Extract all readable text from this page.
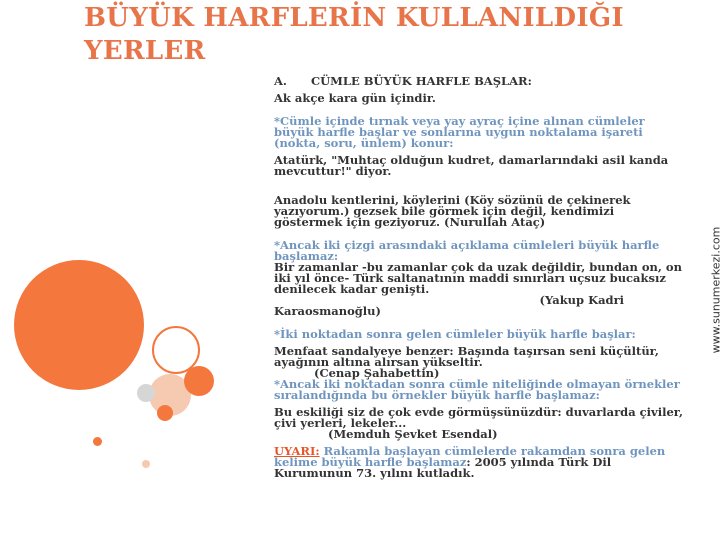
BÜYÜK HARFLERİN KULLANILDIĞI
YERLER
A.      CÜMLE BÜYÜK HARFLE BAŞLAR:
Ak akçe kara gün içindir.
*Cümle içinde tırnak veya yay ayraç içine alınan cümleler büyük harfle başlar ve sonlarına uygun noktalama işareti (nokta, soru, ünlem) konur:
Atatürk, "Muhtaç olduğun kudret, damarlarındaki asil kanda mevcuttur!" diyor.
Anadolu kentlerini, köylerini (Köy sözünü de çekinerek yazıyorum.) gezsek bile görmek için değil, kendimizi göstermek için geziyoruz. (Nurullah Ataç)
*Ancak iki çizgi arasındaki açıklama cümleleri büyük harfle başlamaz:
Bir zamanlar -bu zamanlar çok da uzak değildir, bundan on, on iki yıl önce- Türk saltanatının maddi sınırları uçsuz bucaksız denilecek kadar genişti.
(Yakup Kadri
Karaosmanoğlu)
*İki noktadan sonra gelen cümleler büyük harfle başlar:
Menfaat sandalyeye benzer: Başında taşırsan seni küçültür, ayağının altına alırsan yükseltir.
(Cenap Şahabettin)
*Ancak iki noktadan sonra cümle niteliğinde olmayan örnekler sıralandığında bu örnekler büyük harfle başlamaz:
Bu eskiliği siz de çok evde görmüşsünüzdür: duvarlarda çiviler, çivi yerleri, lekeler...
(Memduh Şevket Esendal)
UYARI: Rakamla başlayan cümlelerde rakamdan sonra gelen kelime büyük harfle başlamaz: 2005 yılında Türk Dil Kurumunun 73. yılını kutladık.
www.sunumerkezi.com
